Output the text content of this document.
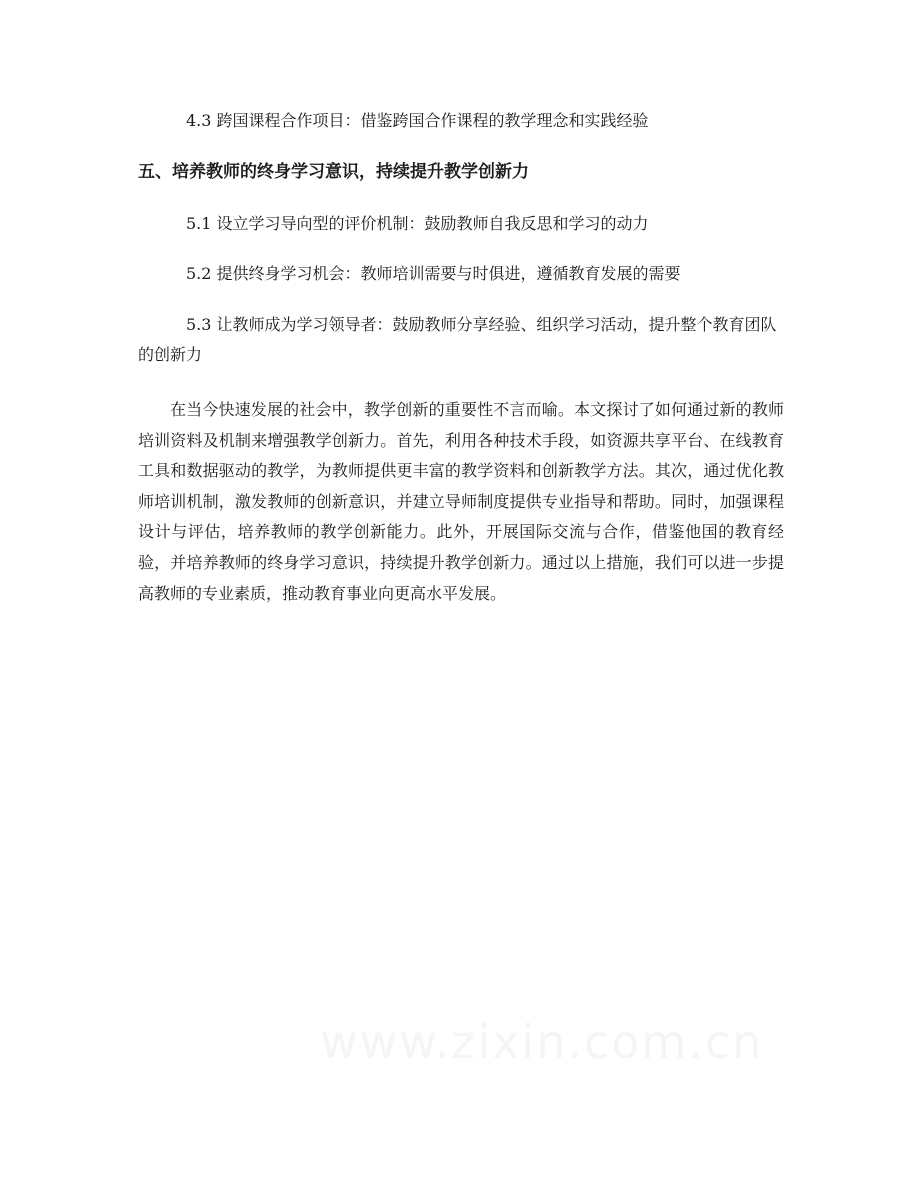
4.3 跨国课程合作项目：借鉴跨国合作课程的教学理念和实践经验

五、培养教师的终身学习意识，持续提升教学创新力

5.1 设立学习导向型的评价机制：鼓励教师自我反思和学习的动力

5.2 提供终身学习机会：教师培训需要与时俱进，遵循教育发展的需要

5.3 让教师成为学习领导者：鼓励教师分享经验、组织学习活动，提升整个教育团队的创新力

在当今快速发展的社会中，教学创新的重要性不言而喻。本文探讨了如何通过新的教师培训资料及机制来增强教学创新力。首先，利用各种技术手段，如资源共享平台、在线教育工具和数据驱动的教学，为教师提供更丰富的教学资料和创新教学方法。其次，通过优化教师培训机制，激发教师的创新意识，并建立导师制度提供专业指导和帮助。同时，加强课程设计与评估，培养教师的教学创新能力。此外，开展国际交流与合作，借鉴他国的教育经验，并培养教师的终身学习意识，持续提升教学创新力。通过以上措施，我们可以进一步提高教师的专业素质，推动教育事业向更高水平发展。

www.zixin.com.cn
